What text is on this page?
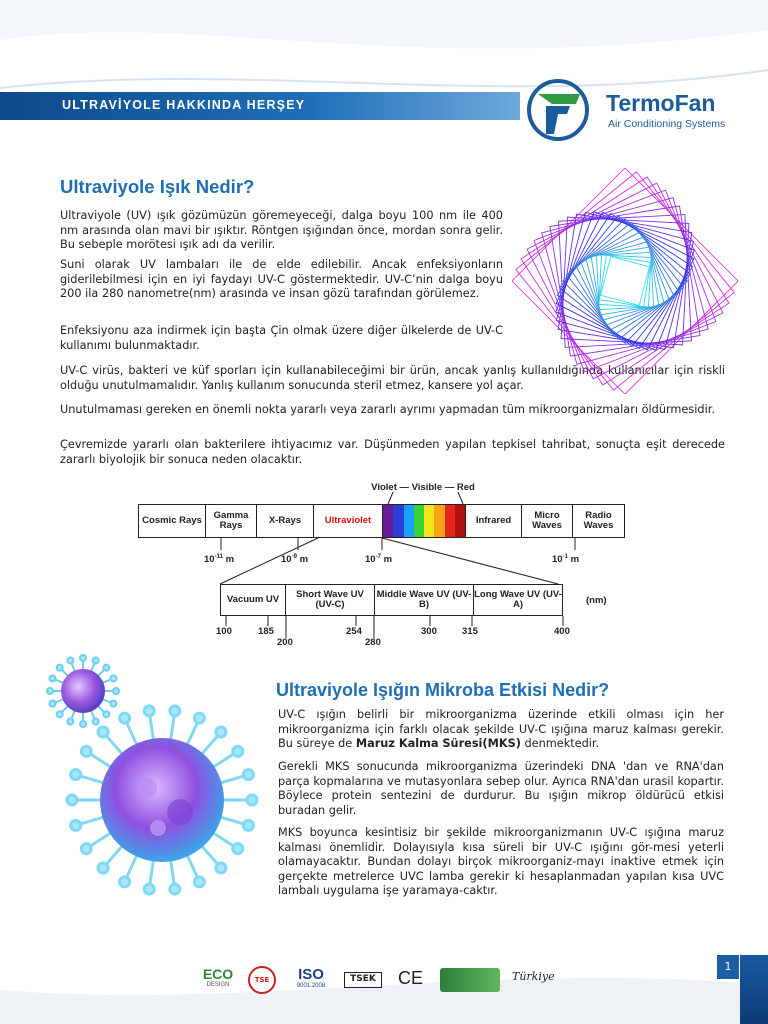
ULTRAVİYOLE HAKKINDA HERŞEY	TermoFan
Air Conditioning Systems
Ultraviyole Işık Nedir?

Ultraviyole (UV) ışık gözümüzün göremeyeceği, dalga boyu 100 nm ile 400 nm arasında olan mavi bir ışıktır. Röntgen ışığından önce, mordan sonra gelir. Bu sebeple morötesi ışık adı da verilir.

Suni olarak UV lambaları ile de elde edilebilir. Ancak enfeksiyonların giderilebilmesi için en iyi faydayı UV-C göstermektedir. UV-C’nin dalga boyu 200 ila 280 nanometre(nm) arasında ve insan gözü tarafından görülemez.

Enfeksiyonu aza indirmek için başta Çin olmak üzere diğer ülkelerde de UV-C kullanımı bulunmaktadır.

UV-C virüs, bakteri ve küf sporları için kullanabileceğimi bir ürün, ancak yanlış kullanıldığında kullanıcılar için riskli olduğu unutulmamalıdır. Yanlış kullanım sonucunda steril etmez, kansere yol açar.

Unutulmaması gereken en önemli nokta yararlı veya zararlı ayrımı yapmadan tüm mikroorganizmaları öldürmesidir.

Çevremizde yararlı olan bakterilere ihtiyacımız var. Düşünmeden yapılan tepkisel tahribat, sonuçta eşit derecede zararlı biyolojik bir sonuca neden olacaktır.

Violet — Visible — Red
Cosmic Rays	Gamma Rays	X-Rays	Ultraviolet	Infrared	Micro Waves
Radio Waves
$10^{-11}$ m	$10^{-9}$ m	$10^{-7}$ m	$10^{-1}$ m
Vacuum UV	Short Wave UV (UV-C)
Middle Wave UV (UV-B)
Long Wave UV (UV-A)	(nm)
100	185	254	300	315	400
200	280
Ultraviyole Işığın Mikroba Etkisi Nedir?

UV-C ışığın belirli bir mikroorganizma üzerinde etkili olması için her mikroorganizma için farklı olacak şekilde UV-C ışığına maruz kalması gerekir. Bu süreye de Maruz Kalma Süresi(MKS) denmektedir.

Gerekli MKS sonucunda mikroorganizma üzerindeki DNA 'dan ve RNA'dan parça kopmalarına ve mutasyonlara sebep olur. Ayrıca RNA'dan urasil kopartır. Böylece protein sentezini de durdurur. Bu ışığın mikrop öldürücü etkisi buradan gelir.

MKS boyunca kesintisiz bir şekilde mikroorganizmanın UV-C ışığına maruz kalması önemlidir. Dolayısıyla kısa süreli bir UV-C ışığını gör-mesi yeterli olamayacaktır. Bundan dolayı birçok mikroorganiz-mayı inaktive etmek için gerçekte metrelerce UVC lamba gerekir ki hesaplanmadan yapılan kısa UVC lambalı uygulama işe yaramaya-caktır.

ECO
DESIGN
TSE	ISO
9001:2008
TSEK	CE	Türkiye
1
